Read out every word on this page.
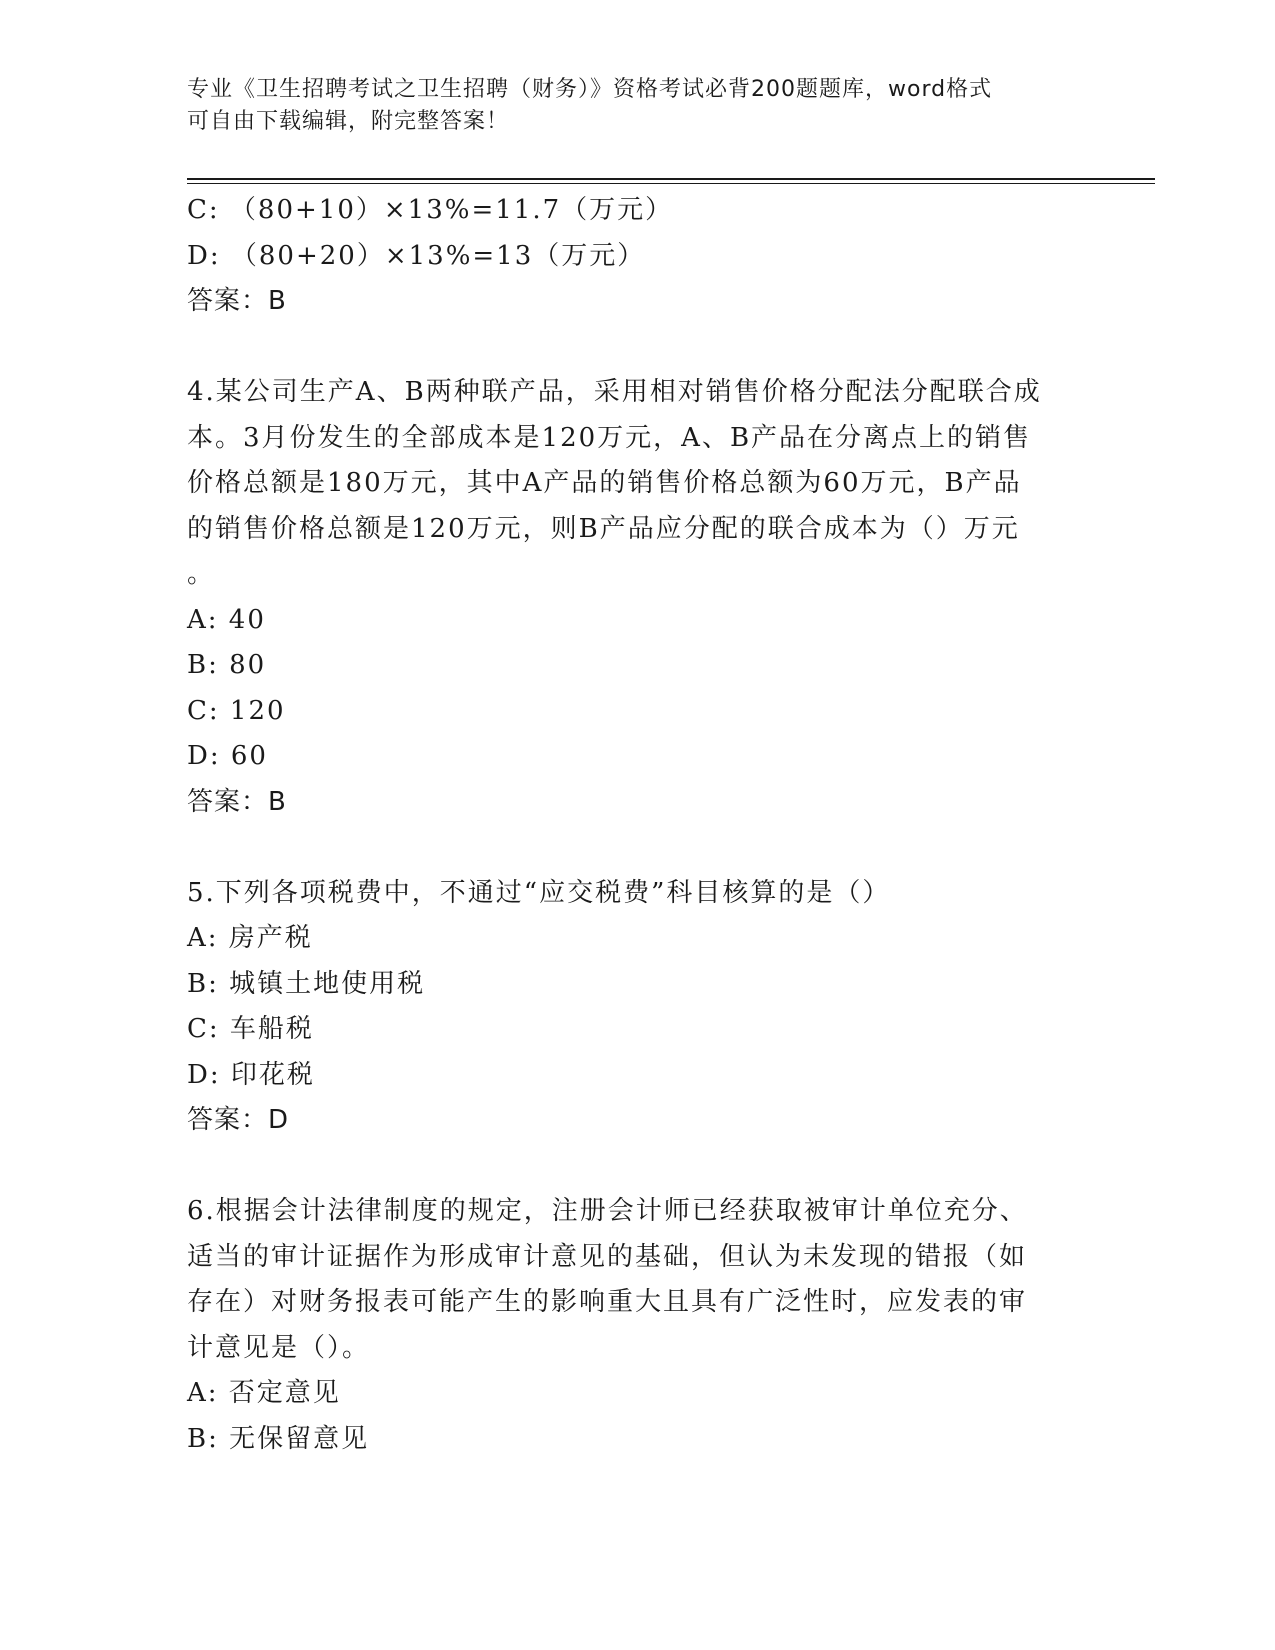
专业《卫生招聘考试之卫生招聘（财务）》资格考试必背200题题库，word格式
可自由下载编辑，附完整答案！
C: （80+10）×13%=11.7（万元）
D: （80+20）×13%=13（万元）
答案：B
4.某公司生产A、B两种联产品，采用相对销售价格分配法分配联合成
本。3月份发生的全部成本是120万元，A、B产品在分离点上的销售
价格总额是180万元，其中A产品的销售价格总额为60万元，B产品
的销售价格总额是120万元，则B产品应分配的联合成本为（）万元
。
A: 40
B: 80
C: 120
D: 60
答案：B
5.下列各项税费中，不通过“应交税费”科目核算的是（）
A: 房产税
B: 城镇土地使用税
C: 车船税
D: 印花税
答案：D
6.根据会计法律制度的规定，注册会计师已经获取被审计单位充分、
适当的审计证据作为形成审计意见的基础，但认为未发现的错报（如
存在）对财务报表可能产生的影响重大且具有广泛性时，应发表的审
计意见是（）。
A: 否定意见
B: 无保留意见
